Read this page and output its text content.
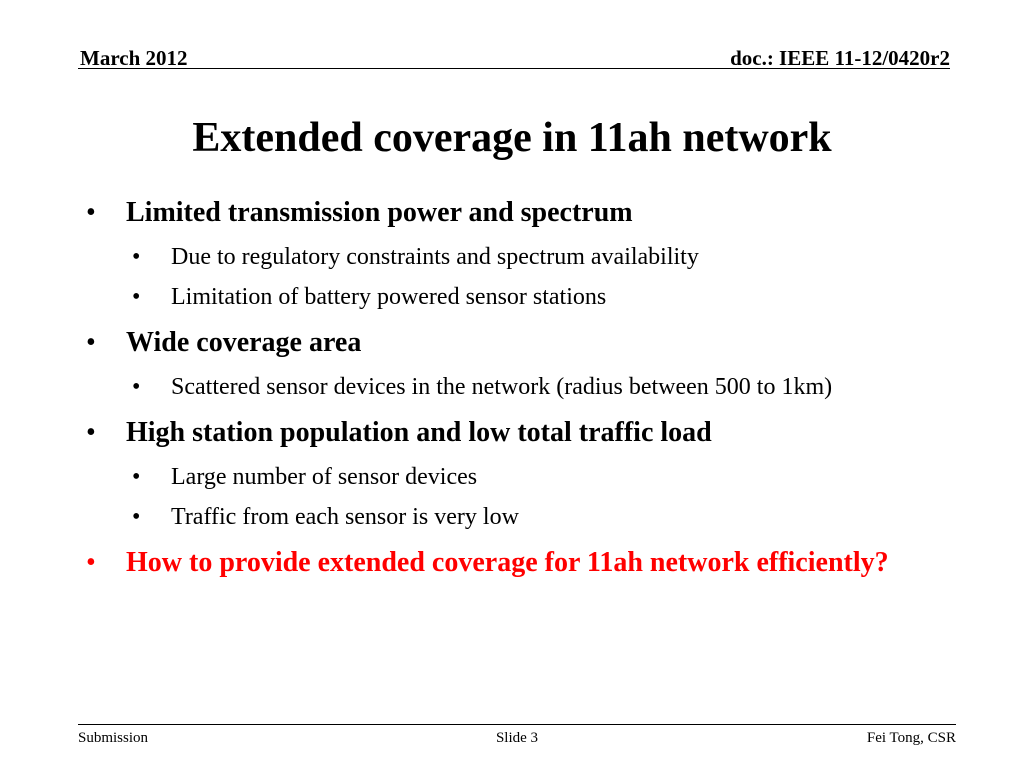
March 2012	doc.: IEEE 11-12/0420r2
Extended coverage in 11ah network
• Limited transmission power and spectrum
• Due to regulatory constraints and spectrum availability
• Limitation of battery powered sensor stations
• Wide coverage area
• Scattered sensor devices in the network (radius between 500 to 1km)
• High station population and low total traffic load
• Large number of sensor devices
• Traffic from each sensor is very low
• How to provide extended coverage for 11ah network efficiently?
Submission	Slide 3	Fei Tong, CSR
